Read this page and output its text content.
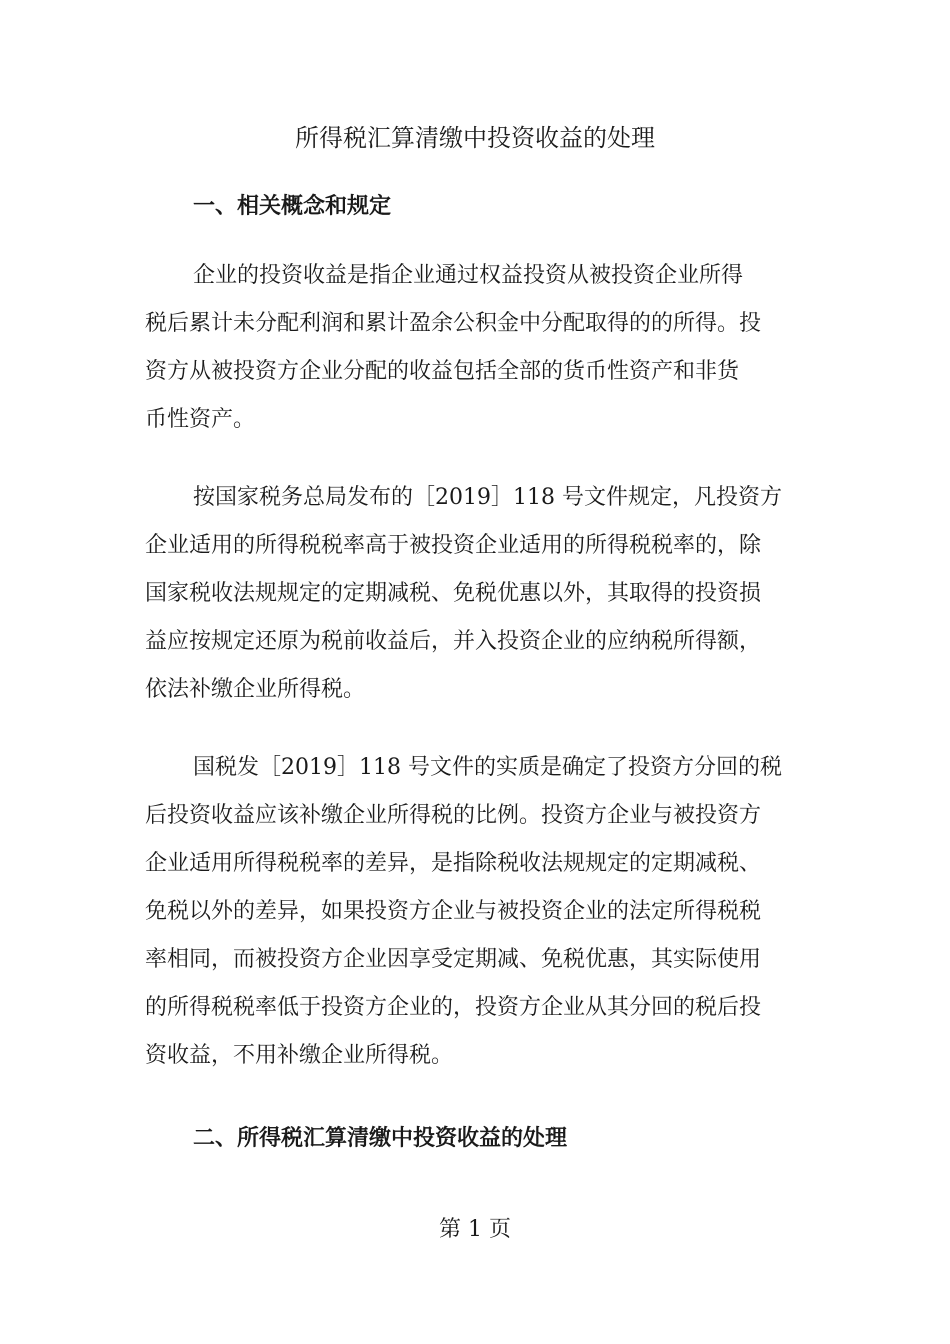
所得税汇算清缴中投资收益的处理
一、相关概念和规定
企业的投资收益是指企业通过权益投资从被投资企业所得
税后累计未分配利润和累计盈余公积金中分配取得的的所得。投
资方从被投资方企业分配的收益包括全部的货币性资产和非货
币性资产。
按国家税务总局发布的［2019］118 号文件规定，凡投资方
企业适用的所得税税率高于被投资企业适用的所得税税率的，除
国家税收法规规定的定期减税、免税优惠以外，其取得的投资损
益应按规定还原为税前收益后，并入投资企业的应纳税所得额，
依法补缴企业所得税。
国税发［2019］118 号文件的实质是确定了投资方分回的税
后投资收益应该补缴企业所得税的比例。投资方企业与被投资方
企业适用所得税税率的差异，是指除税收法规规定的定期减税、
免税以外的差异，如果投资方企业与被投资企业的法定所得税税
率相同，而被投资方企业因享受定期减、免税优惠，其实际使用
的所得税税率低于投资方企业的，投资方企业从其分回的税后投
资收益，不用补缴企业所得税。
二、所得税汇算清缴中投资收益的处理
第 1 页
